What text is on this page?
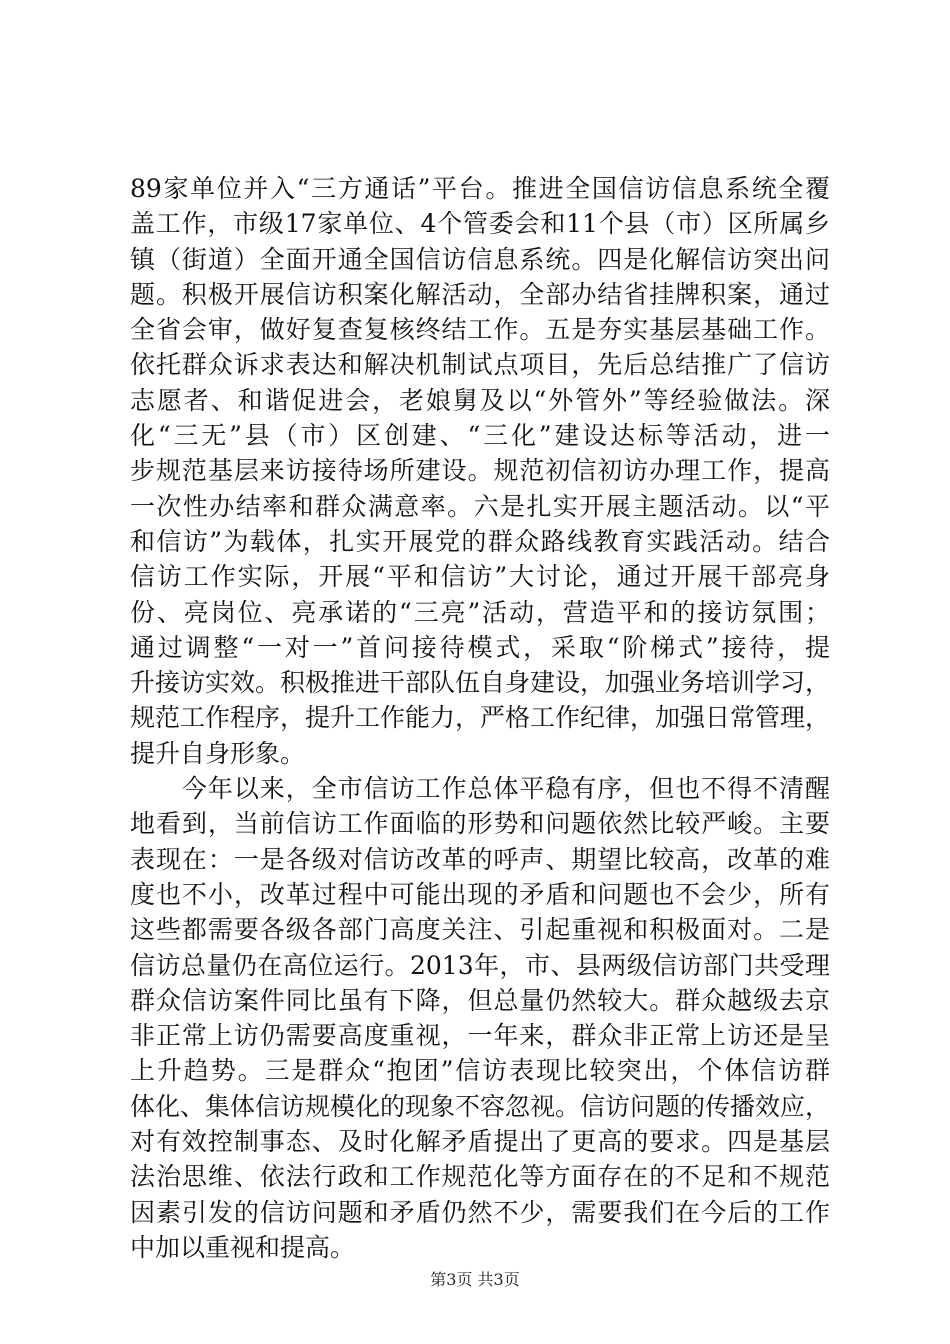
89家单位并入“三方通话”平台。推进全国信访信息系统全覆
盖工作，市级17家单位、4个管委会和11个县（市）区所属乡
镇（街道）全面开通全国信访信息系统。四是化解信访突出问
题。积极开展信访积案化解活动，全部办结省挂牌积案，通过
全省会审，做好复查复核终结工作。五是夯实基层基础工作。
依托群众诉求表达和解决机制试点项目，先后总结推广了信访
志愿者、和谐促进会，老娘舅及以“外管外”等经验做法。深
化“三无”县（市）区创建、“三化”建设达标等活动，进一
步规范基层来访接待场所建设。规范初信初访办理工作，提高
一次性办结率和群众满意率。六是扎实开展主题活动。以“平
和信访”为载体，扎实开展党的群众路线教育实践活动。结合
信访工作实际，开展“平和信访”大讨论，通过开展干部亮身
份、亮岗位、亮承诺的“三亮”活动，营造平和的接访氛围；
通过调整“一对一”首问接待模式，采取“阶梯式”接待，提
升接访实效。积极推进干部队伍自身建设，加强业务培训学习，
规范工作程序，提升工作能力，严格工作纪律，加强日常管理，
提升自身形象。
　　今年以来，全市信访工作总体平稳有序，但也不得不清醒
地看到，当前信访工作面临的形势和问题依然比较严峻。主要
表现在：一是各级对信访改革的呼声、期望比较高，改革的难
度也不小，改革过程中可能出现的矛盾和问题也不会少，所有
这些都需要各级各部门高度关注、引起重视和积极面对。二是
信访总量仍在高位运行。2013年，市、县两级信访部门共受理
群众信访案件同比虽有下降，但总量仍然较大。群众越级去京
非正常上访仍需要高度重视，一年来，群众非正常上访还是呈
上升趋势。三是群众“抱团”信访表现比较突出，个体信访群
体化、集体信访规模化的现象不容忽视。信访问题的传播效应，
对有效控制事态、及时化解矛盾提出了更高的要求。四是基层
法治思维、依法行政和工作规范化等方面存在的不足和不规范
因素引发的信访问题和矛盾仍然不少，需要我们在今后的工作
中加以重视和提高。
第3页 共3页
